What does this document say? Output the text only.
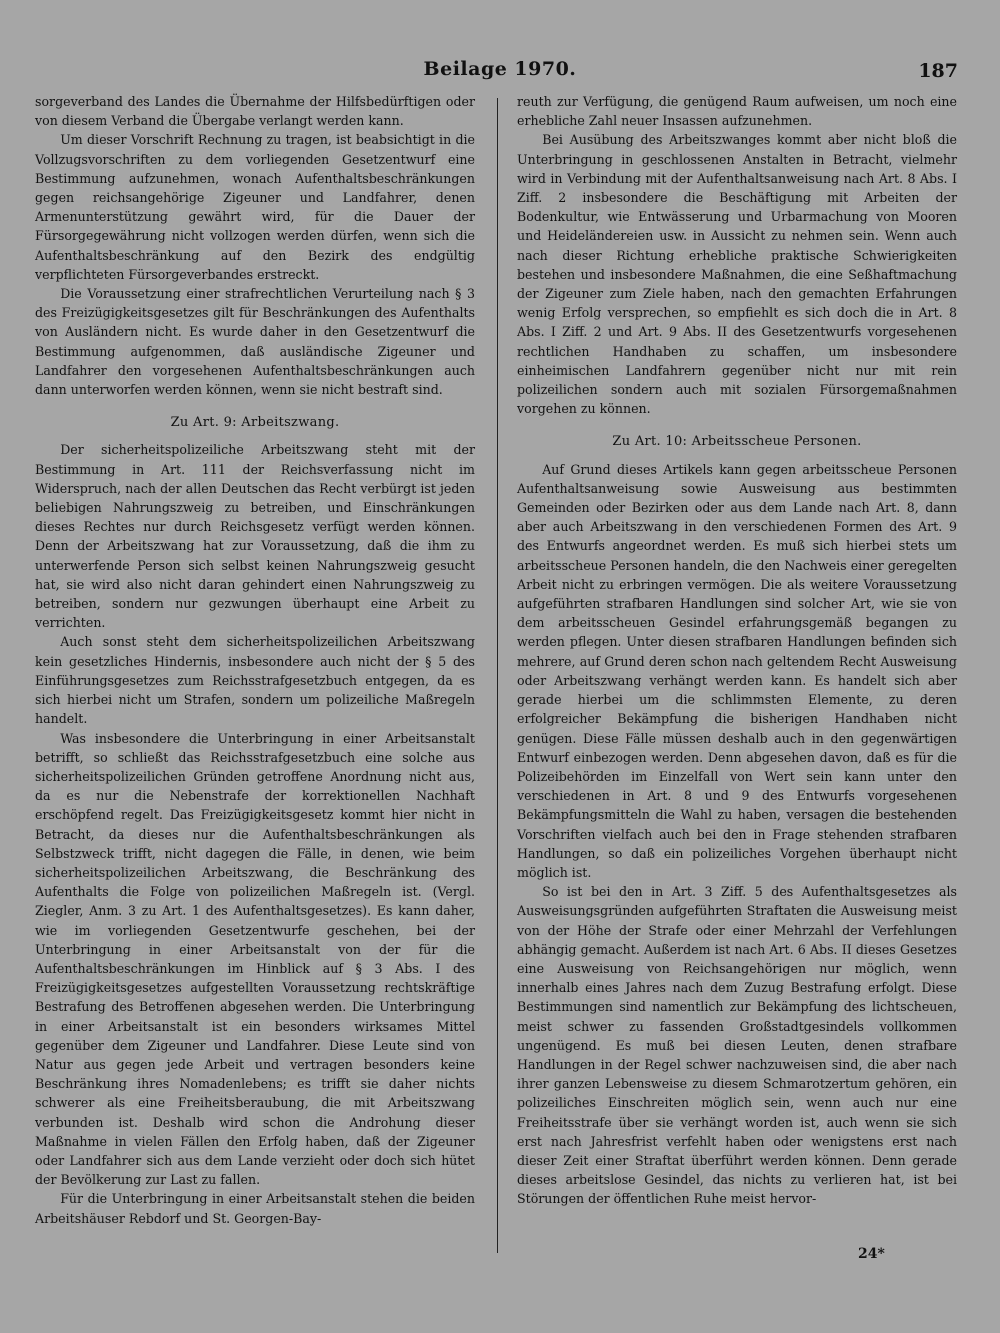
Beilage 1970.	187

sorgeverband des Landes die Übernahme der Hilfsbedürftigen oder von diesem Verband die Übergabe verlangt werden kann.

Um dieser Vorschrift Rechnung zu tragen, ist beabsichtigt in die Vollzugsvorschriften zu dem vorliegenden Gesetzentwurf eine Bestimmung aufzunehmen, wonach Aufenthaltsbeschränkungen gegen reichsangehörige Zigeuner und Landfahrer, denen Armenunterstützung gewährt wird, für die Dauer der Fürsorgegewährung nicht vollzogen werden dürfen, wenn sich die Aufenthaltsbeschränkung auf den Bezirk des endgültig verpflichteten Fürsorgeverbandes erstreckt.

Die Voraussetzung einer strafrechtlichen Verurteilung nach § 3 des Freizügigkeitsgesetzes gilt für Beschränkungen des Aufenthalts von Ausländern nicht. Es wurde daher in den Gesetzentwurf die Bestimmung aufgenommen, daß ausländische Zigeuner und Landfahrer den vorgesehenen Aufenthaltsbeschränkungen auch dann unterworfen werden können, wenn sie nicht bestraft sind.

Zu Art. 9: Arbeitszwang.

Der sicherheitspolizeiliche Arbeitszwang steht mit der Bestimmung in Art. 111 der Reichsverfassung nicht im Widerspruch, nach der allen Deutschen das Recht verbürgt ist jeden beliebigen Nahrungszweig zu betreiben, und Einschränkungen dieses Rechtes nur durch Reichsgesetz verfügt werden können. Denn der Arbeitszwang hat zur Voraussetzung, daß die ihm zu unterwerfende Person sich selbst keinen Nahrungszweig gesucht hat, sie wird also nicht daran gehindert einen Nahrungszweig zu betreiben, sondern nur gezwungen überhaupt eine Arbeit zu verrichten.

Auch sonst steht dem sicherheitspolizeilichen Arbeitszwang kein gesetzliches Hindernis, insbesondere auch nicht der § 5 des Einführungsgesetzes zum Reichsstrafgesetzbuch entgegen, da es sich hierbei nicht um Strafen, sondern um polizeiliche Maßregeln handelt.

Was insbesondere die Unterbringung in einer Arbeitsanstalt betrifft, so schließt das Reichsstrafgesetzbuch eine solche aus sicherheitspolizeilichen Gründen getroffene Anordnung nicht aus, da es nur die Nebenstrafe der korrektionellen Nachhaft erschöpfend regelt. Das Freizügigkeitsgesetz kommt hier nicht in Betracht, da dieses nur die Aufenthaltsbeschränkungen als Selbstzweck trifft, nicht dagegen die Fälle, in denen, wie beim sicherheitspolizeilichen Arbeitszwang, die Beschränkung des Aufenthalts die Folge von polizeilichen Maßregeln ist. (Vergl. Ziegler, Anm. 3 zu Art. 1 des Aufenthaltsgesetzes). Es kann daher, wie im vorliegenden Gesetzentwurfe geschehen, bei der Unterbringung in einer Arbeitsanstalt von der für die Aufenthaltsbeschränkungen im Hinblick auf § 3 Abs. I des Freizügigkeitsgesetzes aufgestellten Voraussetzung rechtskräftige Bestrafung des Betroffenen abgesehen werden. Die Unterbringung in einer Arbeitsanstalt ist ein besonders wirksames Mittel gegenüber dem Zigeuner und Landfahrer. Diese Leute sind von Natur aus gegen jede Arbeit und vertragen besonders keine Beschränkung ihres Nomadenlebens; es trifft sie daher nichts schwerer als eine Freiheitsberaubung, die mit Arbeitszwang verbunden ist. Deshalb wird schon die Androhung dieser Maßnahme in vielen Fällen den Erfolg haben, daß der Zigeuner oder Landfahrer sich aus dem Lande verzieht oder doch sich hütet der Bevölkerung zur Last zu fallen.

Für die Unterbringung in einer Arbeitsanstalt stehen die beiden Arbeitshäuser Rebdorf und St. Georgen-Bay-

reuth zur Verfügung, die genügend Raum aufweisen, um noch eine erhebliche Zahl neuer Insassen aufzunehmen.

Bei Ausübung des Arbeitszwanges kommt aber nicht bloß die Unterbringung in geschlossenen Anstalten in Betracht, vielmehr wird in Verbindung mit der Aufenthaltsanweisung nach Art. 8 Abs. I Ziff. 2 insbesondere die Beschäftigung mit Arbeiten der Bodenkultur, wie Entwässerung und Urbarmachung von Mooren und Heideländereien usw. in Aussicht zu nehmen sein. Wenn auch nach dieser Richtung erhebliche praktische Schwierigkeiten bestehen und insbesondere Maßnahmen, die eine Seßhaftmachung der Zigeuner zum Ziele haben, nach den gemachten Erfahrungen wenig Erfolg versprechen, so empfiehlt es sich doch die in Art. 8 Abs. I Ziff. 2 und Art. 9 Abs. II des Gesetzentwurfs vorgesehenen rechtlichen Handhaben zu schaffen, um insbesondere einheimischen Landfahrern gegenüber nicht nur mit rein polizeilichen sondern auch mit sozialen Fürsorgemaßnahmen vorgehen zu können.

Zu Art. 10: Arbeitsscheue Personen.

Auf Grund dieses Artikels kann gegen arbeitsscheue Personen Aufenthaltsanweisung sowie Ausweisung aus bestimmten Gemeinden oder Bezirken oder aus dem Lande nach Art. 8, dann aber auch Arbeitszwang in den verschiedenen Formen des Art. 9 des Entwurfs angeordnet werden. Es muß sich hierbei stets um arbeitsscheue Personen handeln, die den Nachweis einer geregelten Arbeit nicht zu erbringen vermögen. Die als weitere Voraussetzung aufgeführten strafbaren Handlungen sind solcher Art, wie sie von dem arbeitsscheuen Gesindel erfahrungsgemäß begangen zu werden pflegen. Unter diesen strafbaren Handlungen befinden sich mehrere, auf Grund deren schon nach geltendem Recht Ausweisung oder Arbeitszwang verhängt werden kann. Es handelt sich aber gerade hierbei um die schlimmsten Elemente, zu deren erfolgreicher Bekämpfung die bisherigen Handhaben nicht genügen. Diese Fälle müssen deshalb auch in den gegenwärtigen Entwurf einbezogen werden. Denn abgesehen davon, daß es für die Polizeibehörden im Einzelfall von Wert sein kann unter den verschiedenen in Art. 8 und 9 des Entwurfs vorgesehenen Bekämpfungsmitteln die Wahl zu haben, versagen die bestehenden Vorschriften vielfach auch bei den in Frage stehenden strafbaren Handlungen, so daß ein polizeiliches Vorgehen überhaupt nicht möglich ist.

So ist bei den in Art. 3 Ziff. 5 des Aufenthaltsgesetzes als Ausweisungsgründen aufgeführten Straftaten die Ausweisung meist von der Höhe der Strafe oder einer Mehrzahl der Verfehlungen abhängig gemacht. Außerdem ist nach Art. 6 Abs. II dieses Gesetzes eine Ausweisung von Reichsangehörigen nur möglich, wenn innerhalb eines Jahres nach dem Zuzug Bestrafung erfolgt. Diese Bestimmungen sind namentlich zur Bekämpfung des lichtscheuen, meist schwer zu fassenden Großstadtgesindels vollkommen ungenügend. Es muß bei diesen Leuten, denen strafbare Handlungen in der Regel schwer nachzuweisen sind, die aber nach ihrer ganzen Lebensweise zu diesem Schmarotzertum gehören, ein polizeiliches Einschreiten möglich sein, wenn auch nur eine Freiheitsstrafe über sie verhängt worden ist, auch wenn sie sich erst nach Jahresfrist verfehlt haben oder wenigstens erst nach dieser Zeit einer Straftat überführt werden können. Denn gerade dieses arbeitslose Gesindel, das nichts zu verlieren hat, ist bei Störungen der öffentlichen Ruhe meist hervor-

24*
